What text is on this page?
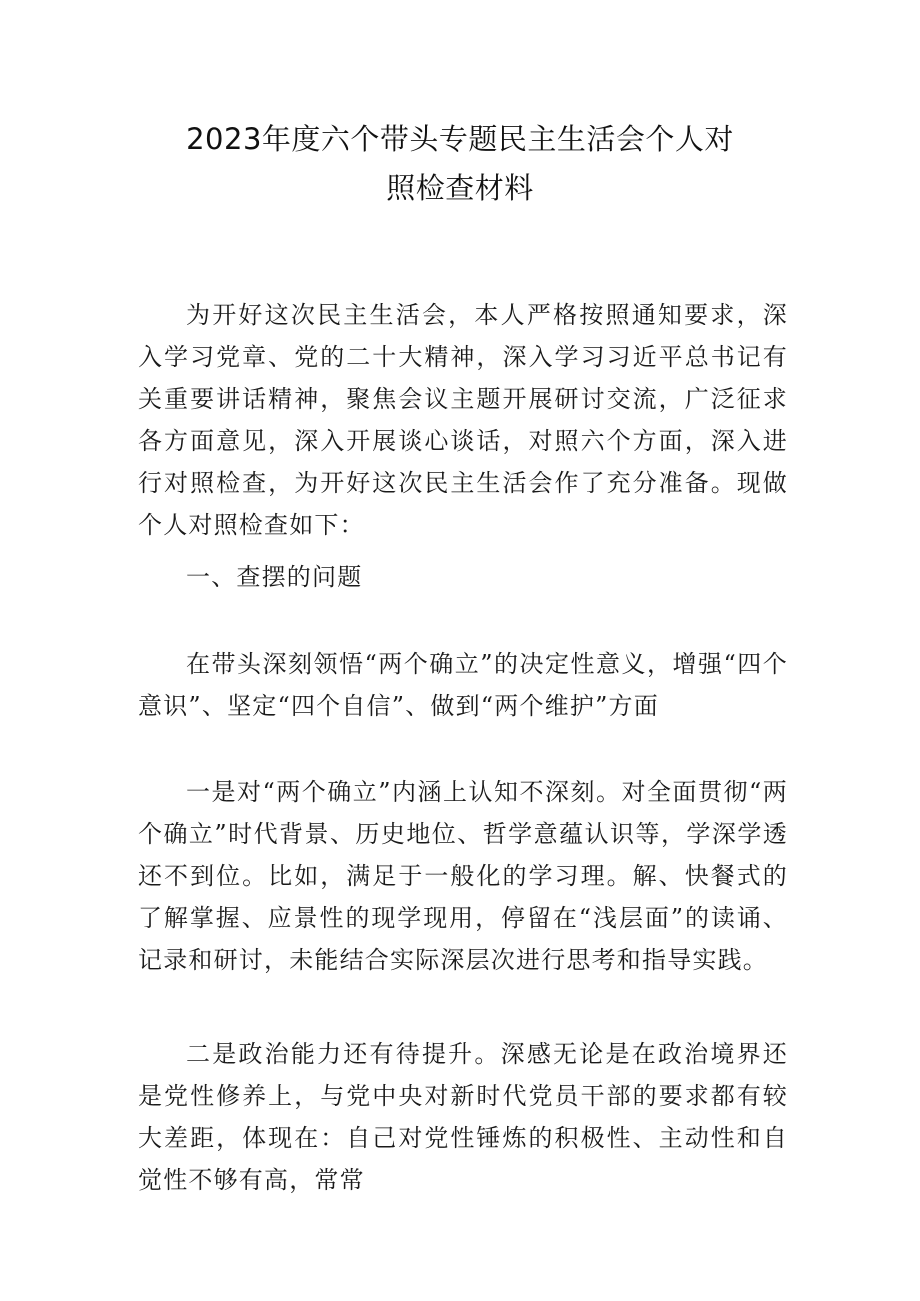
2023年度六个带头专题民主生活会个人对
照检查材料

为开好这次民主生活会，本人严格按照通知要求，深入学习党章、党的二十大精神，深入学习习近平总书记有关重要讲话精神，聚焦会议主题开展研讨交流，广泛征求各方面意见，深入开展谈心谈话，对照六个方面，深入进行对照检查，为开好这次民主生活会作了充分准备。现做个人对照检查如下：

一、查摆的问题

在带头深刻领悟“两个确立”的决定性意义，增强“四个意识”、坚定“四个自信”、做到“两个维护”方面

一是对“两个确立”内涵上认知不深刻。对全面贯彻“两个确立”时代背景、历史地位、哲学意蕴认识等，学深学透还不到位。比如，满足于一般化的学习理。解、快餐式的了解掌握、应景性的现学现用，停留在“浅层面”的读诵、记录和研讨，未能结合实际深层次进行思考和指导实践。

二是政治能力还有待提升。深感无论是在政治境界还是党性修养上，与党中央对新时代党员干部的要求都有较大差距，体现在：自己对党性锤炼的积极性、主动性和自觉性不够有高，常常
